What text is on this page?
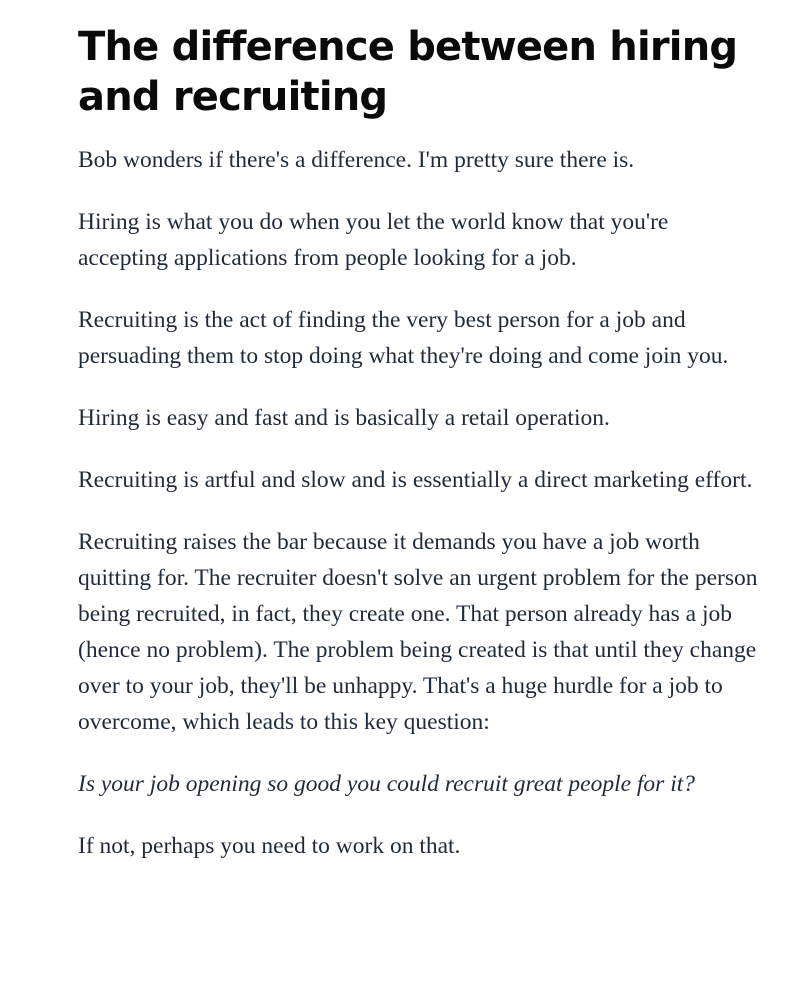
The difference between hiring and recruiting

Bob wonders if there's a difference. I'm pretty sure there is.

Hiring is what you do when you let the world know that you're accepting applications from people looking for a job.

Recruiting is the act of finding the very best person for a job and persuading them to stop doing what they're doing and come join you.

Hiring is easy and fast and is basically a retail operation.

Recruiting is artful and slow and is essentially a direct marketing effort.

Recruiting raises the bar because it demands you have a job worth quitting for. The recruiter doesn't solve an urgent problem for the person being recruited, in fact, they create one. That person already has a job (hence no problem). The problem being created is that until they change over to your job, they'll be unhappy. That's a huge hurdle for a job to overcome, which leads to this key question:

Is your job opening so good you could recruit great people for it?

If not, perhaps you need to work on that.
